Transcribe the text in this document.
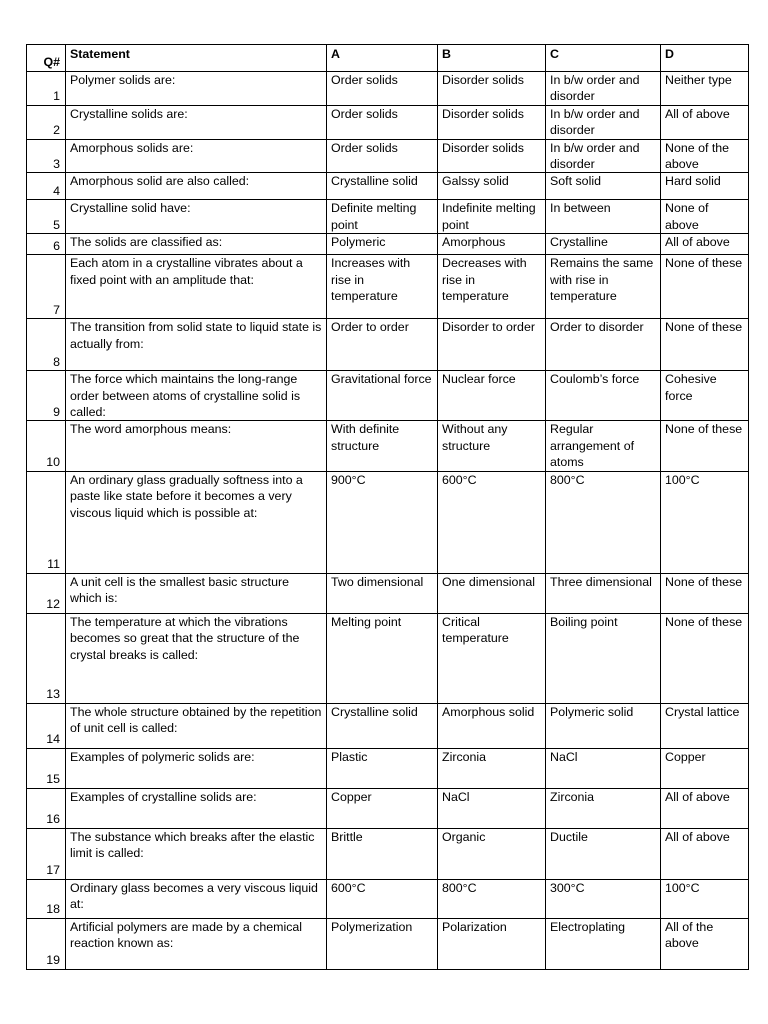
Q#	Statement	A	B	C	D
1	Polymer solids are:	Order solids	Disorder solids	In b/w order and disorder	Neither type
2	Crystalline solids are:	Order solids	Disorder solids	In b/w order and disorder	All of above
3	Amorphous solids are:	Order solids	Disorder solids	In b/w order and disorder	None of the above
4	Amorphous solid are also called:	Crystalline solid	Galssy solid	Soft solid	Hard solid
5	Crystalline solid have:	Definite melting point	Indefinite melting point	In between	None of above
6	The solids are classified as:	Polymeric	Amorphous	Crystalline	All of above
7	Each atom in a crystalline vibrates about a fixed point with an amplitude that:	Increases with rise in temperature	Decreases with rise in temperature	Remains the same with rise in temperature	None of these
8	The transition from solid state to liquid state is actually from:	Order to order	Disorder to order	Order to disorder	None of these
9	The force which maintains the long-range order between atoms of crystalline solid is called:	Gravitational force	Nuclear force	Coulomb’s force	Cohesive force
10	The word amorphous means:	With definite structure	Without any structure	Regular arrangement of atoms	None of these
11	An ordinary glass gradually softness into a paste like state before it becomes a very viscous liquid which is possible at:	900°C	600°C	800°C	100°C
12	A unit cell is the smallest basic structure which is:	Two dimensional	One dimensional	Three dimensional	None of these
13	The temperature at which the vibrations becomes so great that the structure of the crystal breaks is called:	Melting point	Critical temperature	Boiling point	None of these
14	The whole structure obtained by the repetition of unit cell is called:	Crystalline solid	Amorphous solid	Polymeric solid	Crystal lattice
15	Examples of polymeric solids are:	Plastic	Zirconia	NaCl	Copper
16	Examples of crystalline solids are:	Copper	NaCl	Zirconia	All of above
17	The substance which breaks after the elastic limit is called:	Brittle	Organic	Ductile	All of above
18	Ordinary glass becomes a very viscous liquid at:	600°C	800°C	300°C	100°C
19	Artificial polymers are made by a chemical reaction known as:	Polymerization	Polarization	Electroplating	All of the above
